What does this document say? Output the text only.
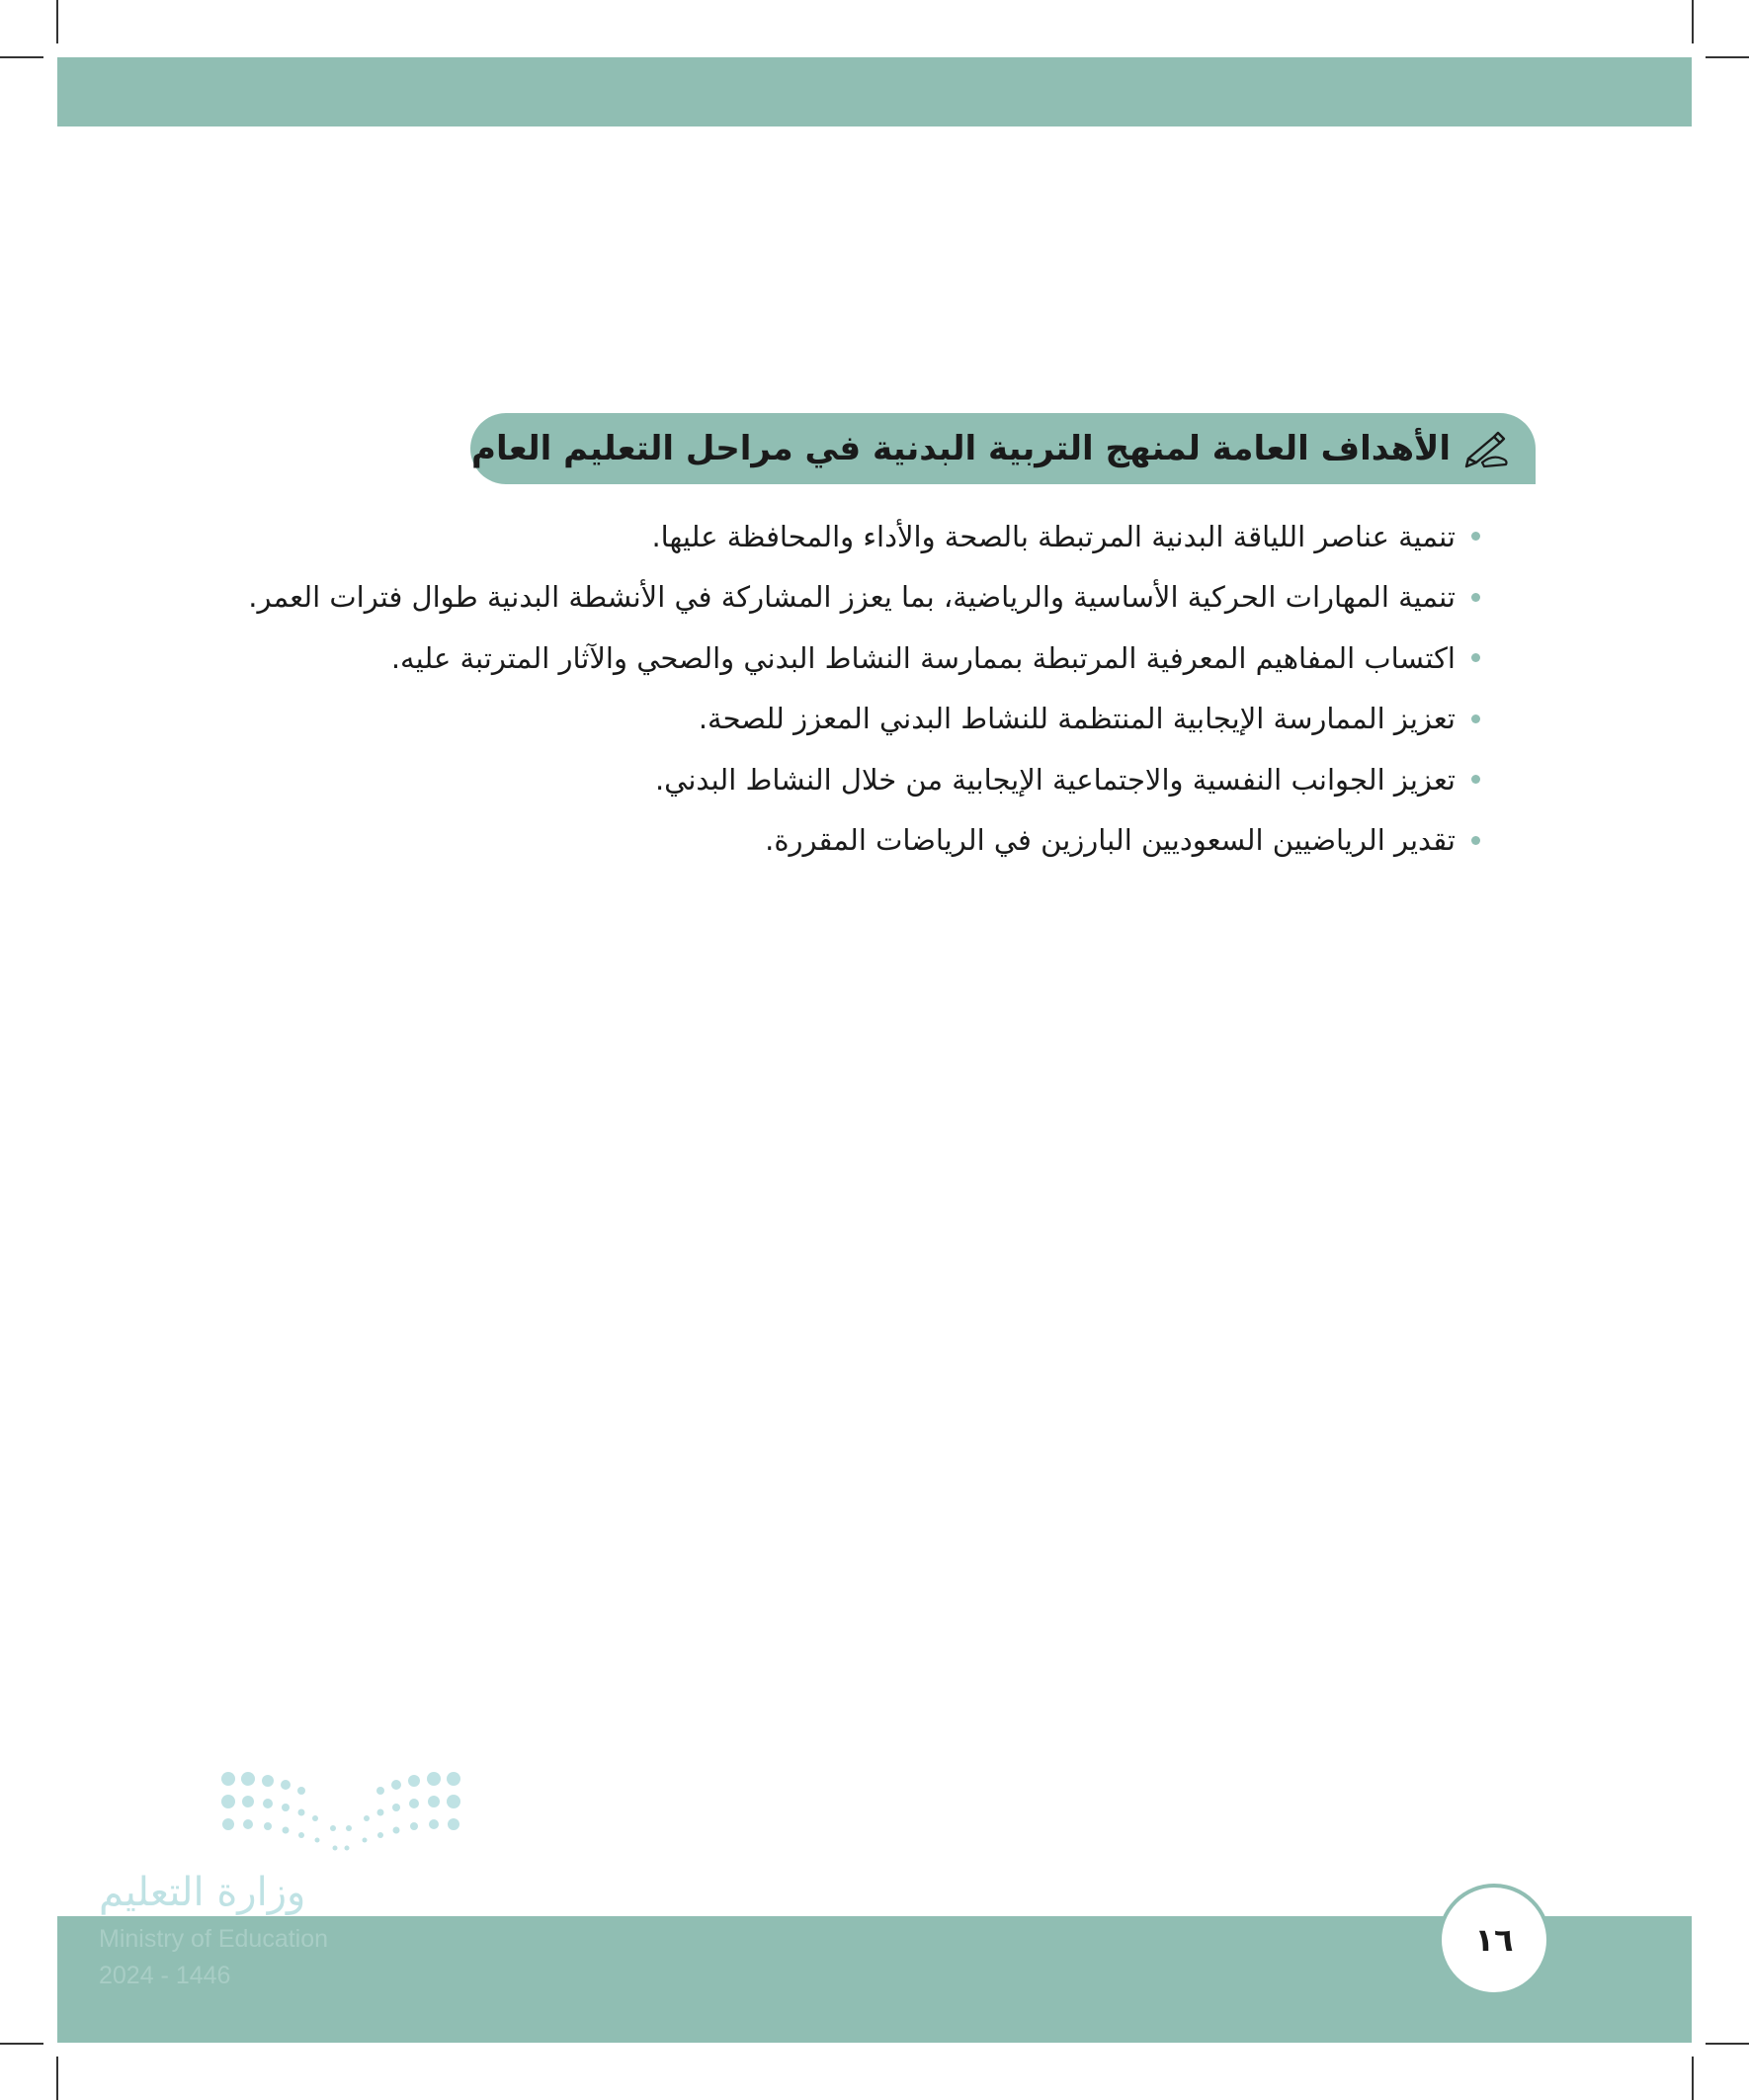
الأهداف العامة لمنهج التربية البدنية في مراحل التعليم العام
تنمية عناصر اللياقة البدنية المرتبطة بالصحة والأداء والمحافظة عليها.
تنمية المهارات الحركية الأساسية والرياضية، بما يعزز المشاركة في الأنشطة البدنية طوال فترات العمر.
اكتساب المفاهيم المعرفية المرتبطة بممارسة النشاط البدني والصحي والآثار المترتبة عليه.
تعزيز الممارسة الإيجابية المنتظمة للنشاط البدني المعزز للصحة.
تعزيز الجوانب النفسية والاجتماعية الإيجابية من خلال النشاط البدني.
تقدير الرياضيين السعوديين البارزين في الرياضات المقررة.
وزارة التعليم
Ministry of Education
2024 - 1446
١٦
